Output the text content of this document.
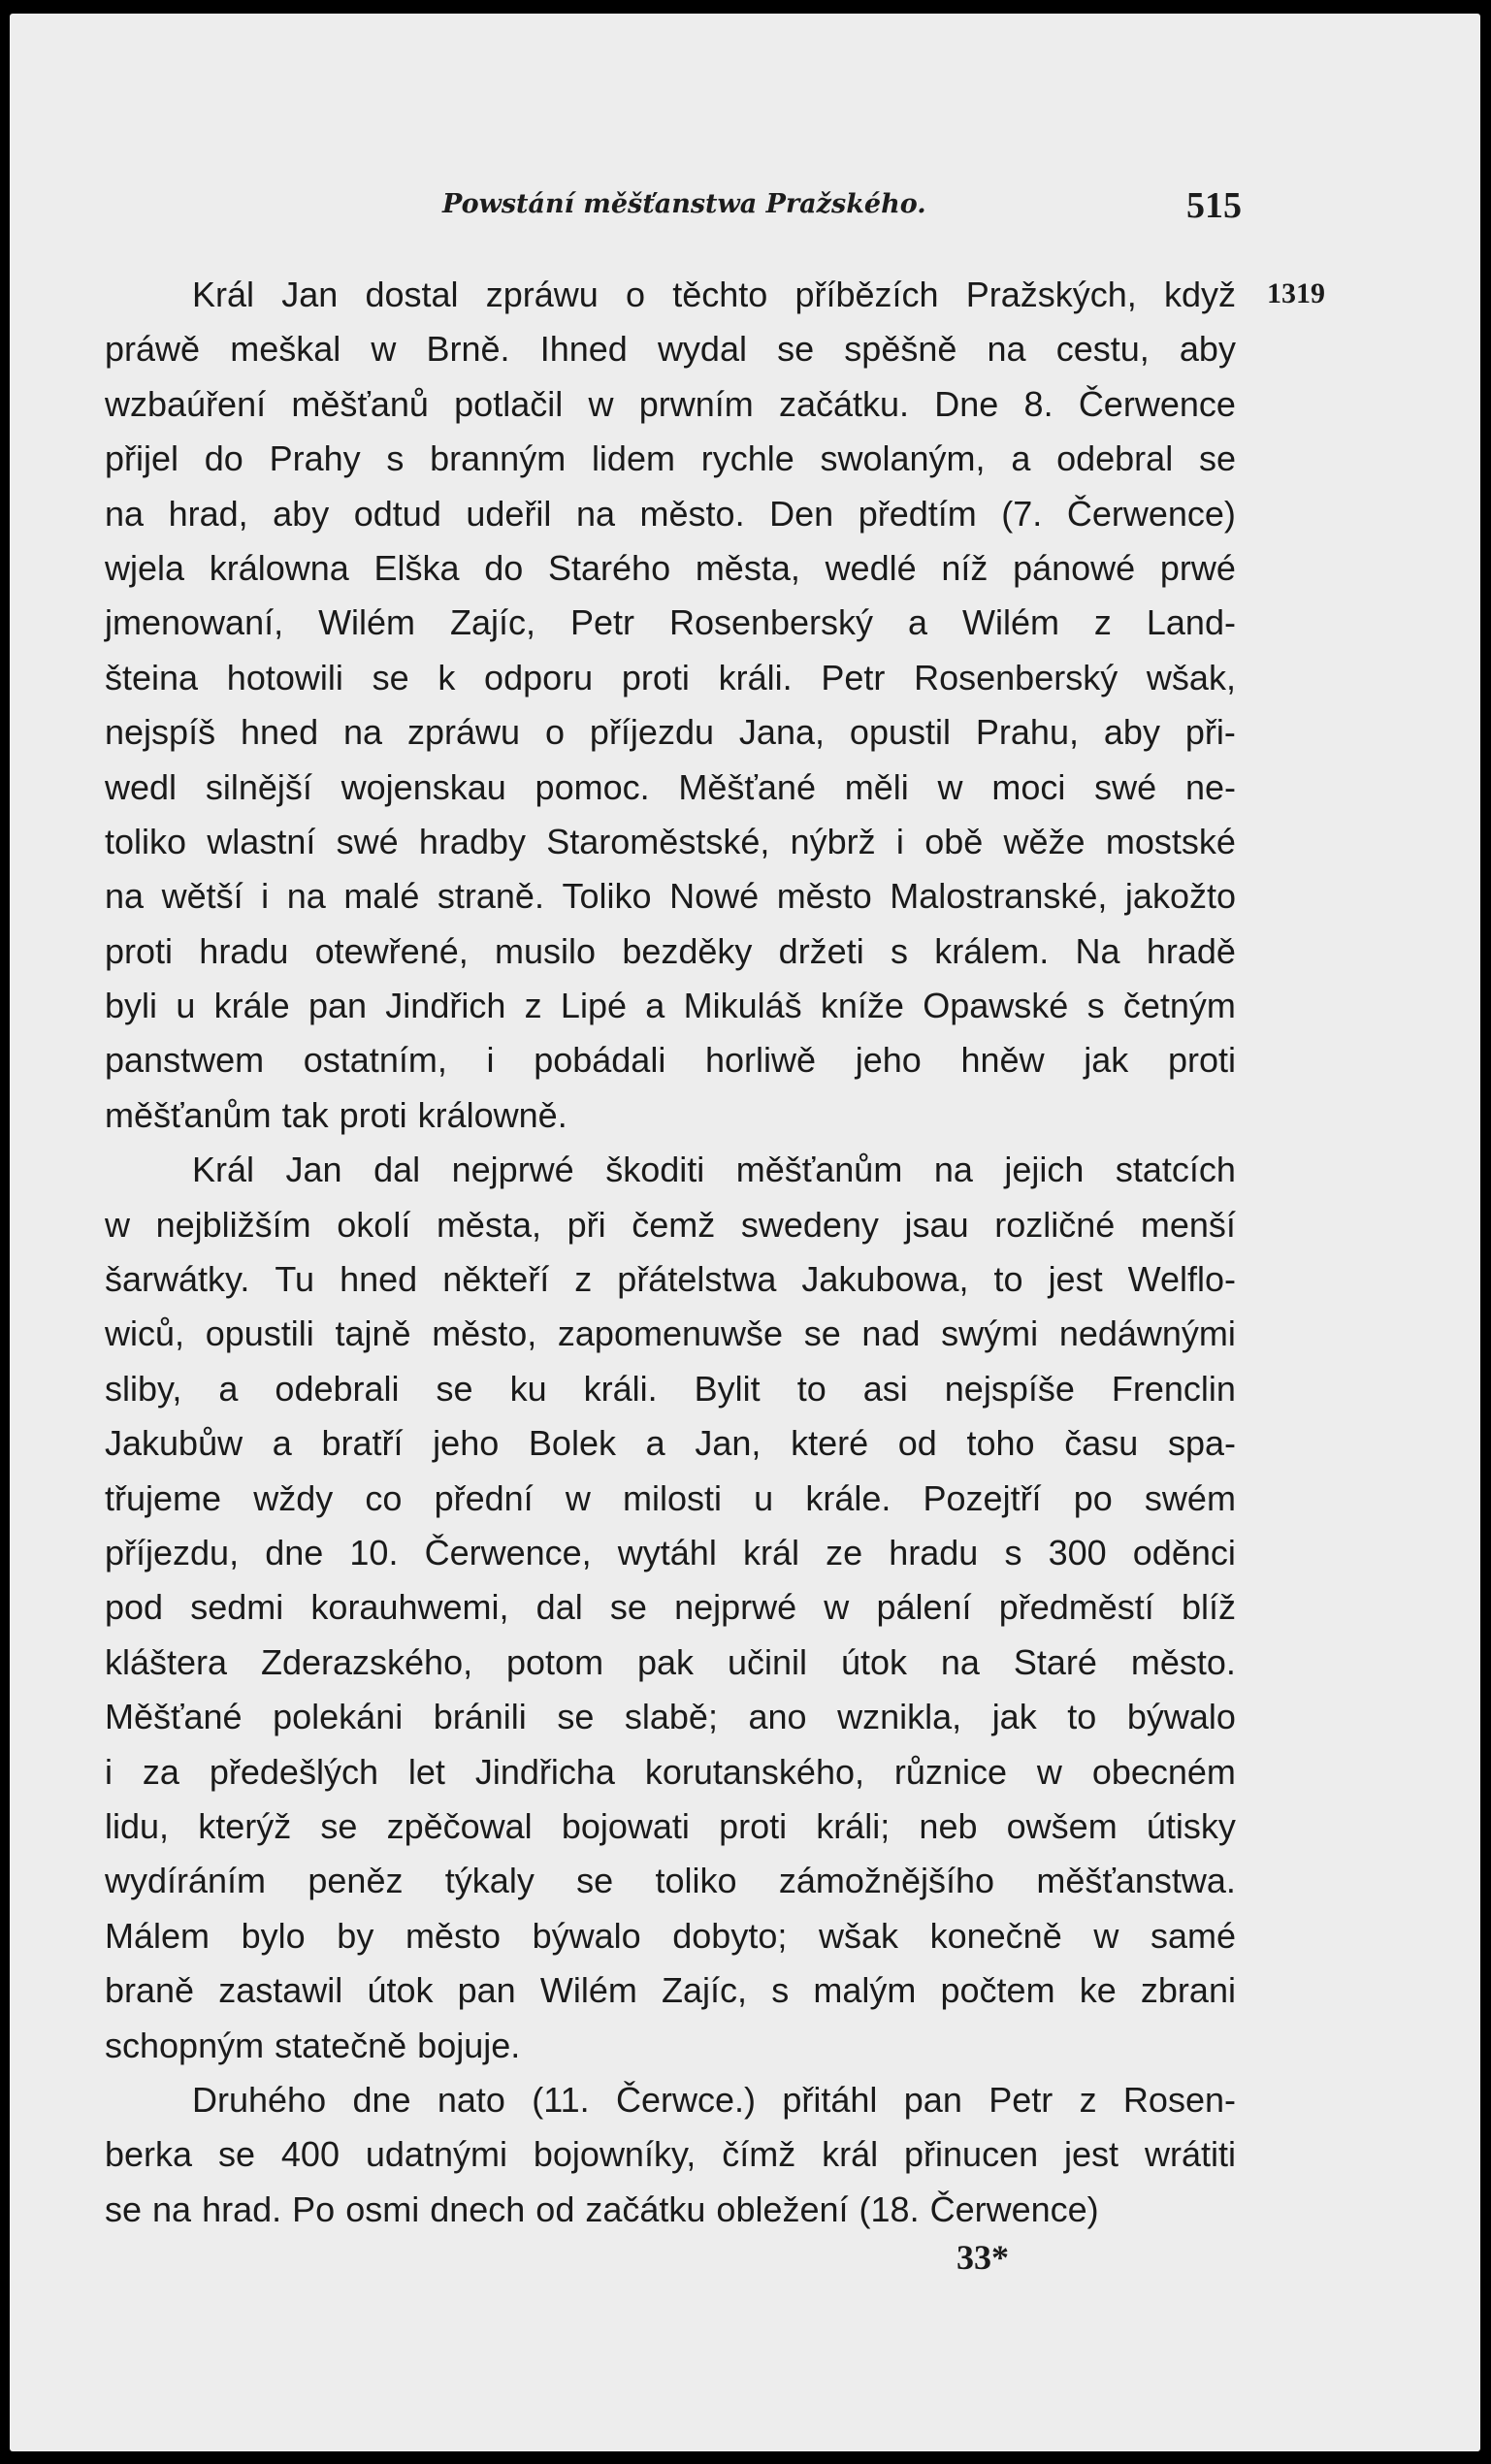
Powstání měšťanstwa Pražského.	515
1319
Král Jan dostal zpráwu o těchto příbězích Pražských, když
práwě meškal w Brně. Ihned wydal se spěšně na cestu, aby
wzbaúření měšťanů potlačil w prwním začátku. Dne 8. Čerwence
přijel do Prahy s branným lidem rychle swolaným, a odebral se
na hrad, aby odtud udeřil na město. Den předtím (7. Čerwence)
wjela králowna Elška do Starého města, wedlé níž pánowé prwé
jmenowaní, Wilém Zajíc, Petr Rosenberský a Wilém z Land-
šteina hotowili se k odporu proti králi. Petr Rosenberský wšak,
nejspíš hned na zpráwu o příjezdu Jana, opustil Prahu, aby při-
wedl silnější wojenskau pomoc. Měšťané měli w moci swé ne-
toliko wlastní swé hradby Staroměstské, nýbrž i obě wěže mostské
na wětší i na malé straně. Toliko Nowé město Malostranské, jakožto
proti hradu otewřené, musilo bezděky držeti s králem. Na hradě
byli u krále pan Jindřich z Lipé a Mikuláš kníže Opawské s četným
panstwem ostatním, i pobádali horliwě jeho hněw jak proti
měšťanům tak proti králowně.
Král Jan dal nejprwé škoditi měšťanům na jejich statcích
w nejbližším okolí města, při čemž swedeny jsau rozličné menší
šarwátky. Tu hned někteří z přátelstwa Jakubowa, to jest Welflo-
wiců, opustili tajně město, zapomenuwše se nad swými nedáwnými
sliby, a odebrali se ku králi. Bylit to asi nejspíše Frenclin
Jakubůw a bratří jeho Bolek a Jan, které od toho času spa-
třujeme wždy co přední w milosti u krále. Pozejtří po swém
příjezdu, dne 10. Čerwence, wytáhl král ze hradu s 300 oděnci
pod sedmi korauhwemi, dal se nejprwé w pálení předměstí blíž
kláštera Zderazského, potom pak učinil útok na Staré město.
Měšťané polekáni bránili se slabě; ano wznikla, jak to býwalo
i za předešlých let Jindřicha korutanského, různice w obecném
lidu, kterýž se zpěčowal bojowati proti králi; neb owšem útisky
wydíráním peněz týkaly se toliko zámožnějšího měšťanstwa.
Málem bylo by město býwalo dobyto; wšak konečně w samé
braně zastawil útok pan Wilém Zajíc, s malým počtem ke zbrani
schopným statečně bojuje.
Druhého dne nato (11. Čerwce.) přitáhl pan Petr z Rosen-
berka se 400 udatnými bojowníky, čímž král přinucen jest wrátiti
se na hrad. Po osmi dnech od začátku obležení (18. Čerwence)
33*
